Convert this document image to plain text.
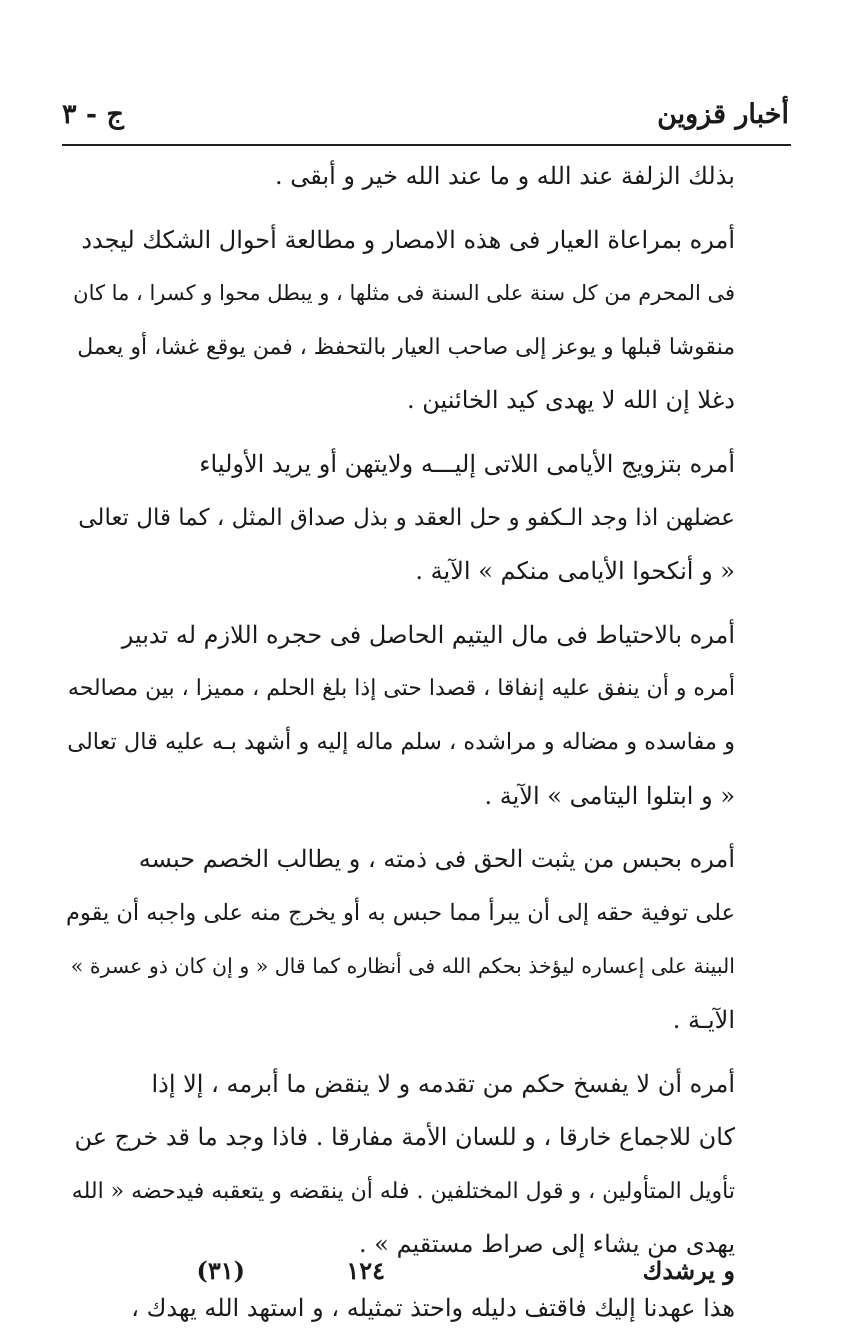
أخبار قزوين
ج - ٣
بذلك الزلفة عند الله و ما عند الله خير و أبقى .
أمره بمراعاة العيار فى هذه الامصار و مطالعة أحوال الشكك ليجدد
فى المحرم من كل سنة على السنة فى مثلها ، و يبطل محوا و كسرا ، ما كان
منقوشا قبلها و يوعز إلى صاحب العيار بالتحفظ ، فمن يوقع غشا، أو يعمل
دغلا إن الله لا يهدى كيد الخائنين .
أمره بتزويج الأيامى اللاتى إليـــه ولايتهن أو يريد الأولياء
عضلهن اذا وجد الـكفو و حل العقد و بذل صداق المثل ، كما قال تعالى
« و أنكحوا الأيامى منكم » الآية .
أمره بالاحتياط فى مال اليتيم الحاصل فى حجره اللازم له تدبير
أمره و أن ينفق عليه إنفاقا ، قصدا حتى إذا بلغ الحلم ، مميزا ، بين مصالحه
و مفاسده و مضاله و مراشده ، سلم ماله إليه و أشهد بـه عليه قال تعالى
« و ابتلوا اليتامى » الآية .
أمره بحبس من يثبت الحق فى ذمته ، و يطالب الخصم حبسه
على توفية حقه إلى أن يبرأ مما حبس به أو يخرج منه على واجبه أن يقوم
البينة على إعساره ليؤخذ بحكم الله فى أنظاره كما قال « و إن كان ذو عسرة »
الآيـة .
أمره أن لا يفسخ حكم من تقدمه و لا ينقض ما أبرمه ، إلا إذا
كان للاجماع خارقا ، و للسان الأمة مفارقا . فاذا وجد ما قد خرج عن
تأويل المتأولين ، و قول المختلفين . فله أن ينقضه و يتعقبه فيدحضه « الله
يهدى من يشاء إلى صراط مستقيم » .
هذا عهدنا إليك فاقتف دليله واحتذ تمثيله ، و استهد الله يهدك ،
و يرشدك
١٢٤
(٣١)
